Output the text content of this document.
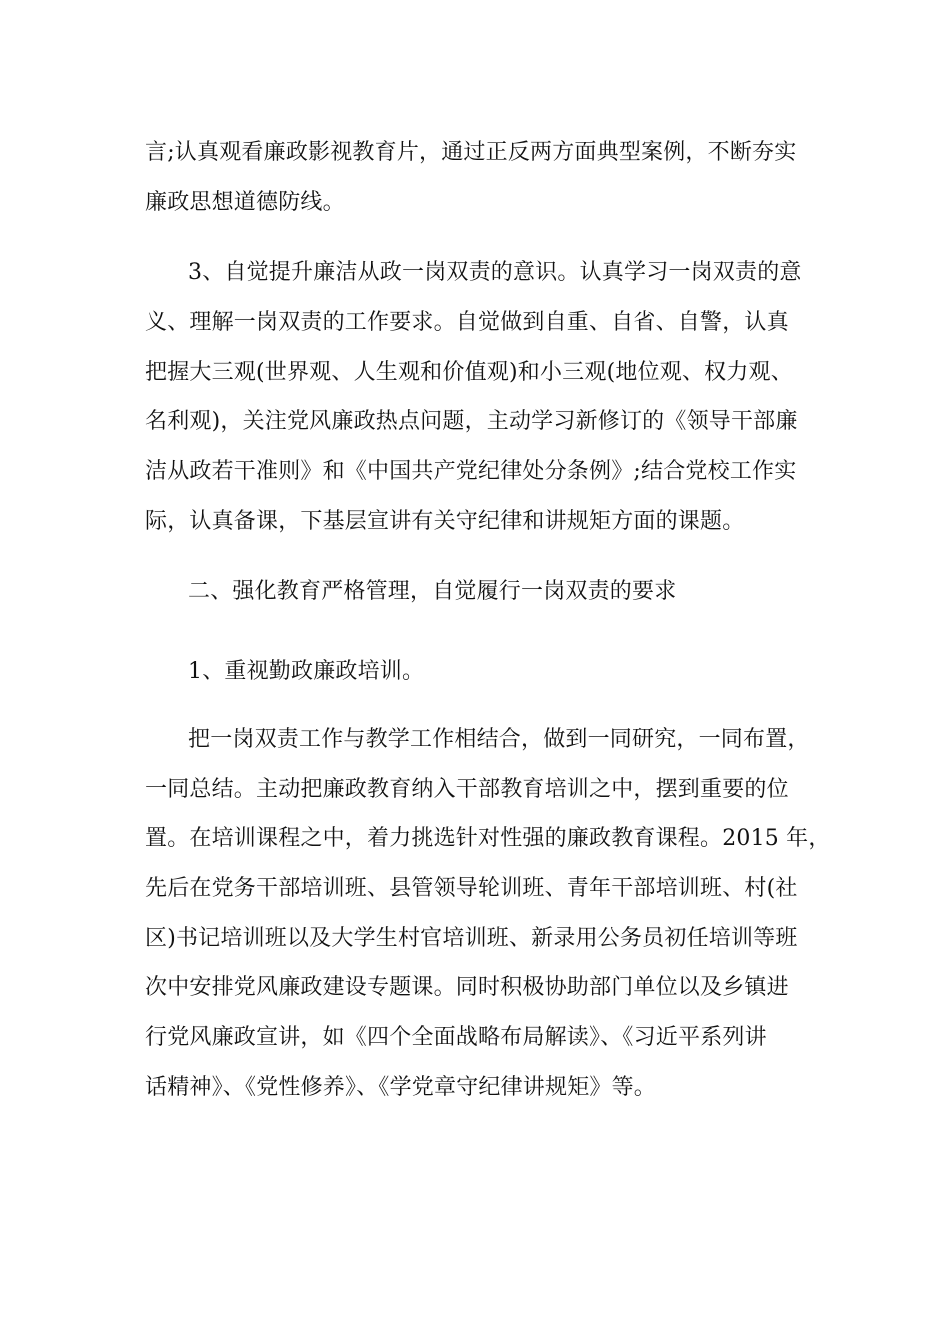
言;认真观看廉政影视教育片，通过正反两方面典型案例，不断夯实
廉政思想道德防线。
3、自觉提升廉洁从政一岗双责的意识。认真学习一岗双责的意
义、理解一岗双责的工作要求。自觉做到自重、自省、自警，认真
把握大三观(世界观、人生观和价值观)和小三观(地位观、权力观、
名利观)，关注党风廉政热点问题，主动学习新修订的《领导干部廉
洁从政若干准则》和《中国共产党纪律处分条例》;结合党校工作实
际，认真备课，下基层宣讲有关守纪律和讲规矩方面的课题。
二、强化教育严格管理，自觉履行一岗双责的要求
1、重视勤政廉政培训。
把一岗双责工作与教学工作相结合，做到一同研究，一同布置，
一同总结。主动把廉政教育纳入干部教育培训之中，摆到重要的位
置。在培训课程之中，着力挑选针对性强的廉政教育课程。2015 年，
先后在党务干部培训班、县管领导轮训班、青年干部培训班、村(社
区)书记培训班以及大学生村官培训班、新录用公务员初任培训等班
次中安排党风廉政建设专题课。同时积极协助部门单位以及乡镇进
行党风廉政宣讲，如《四个全面战略布局解读》、《习近平系列讲
话精神》、《党性修养》、《学党章守纪律讲规矩》等。
